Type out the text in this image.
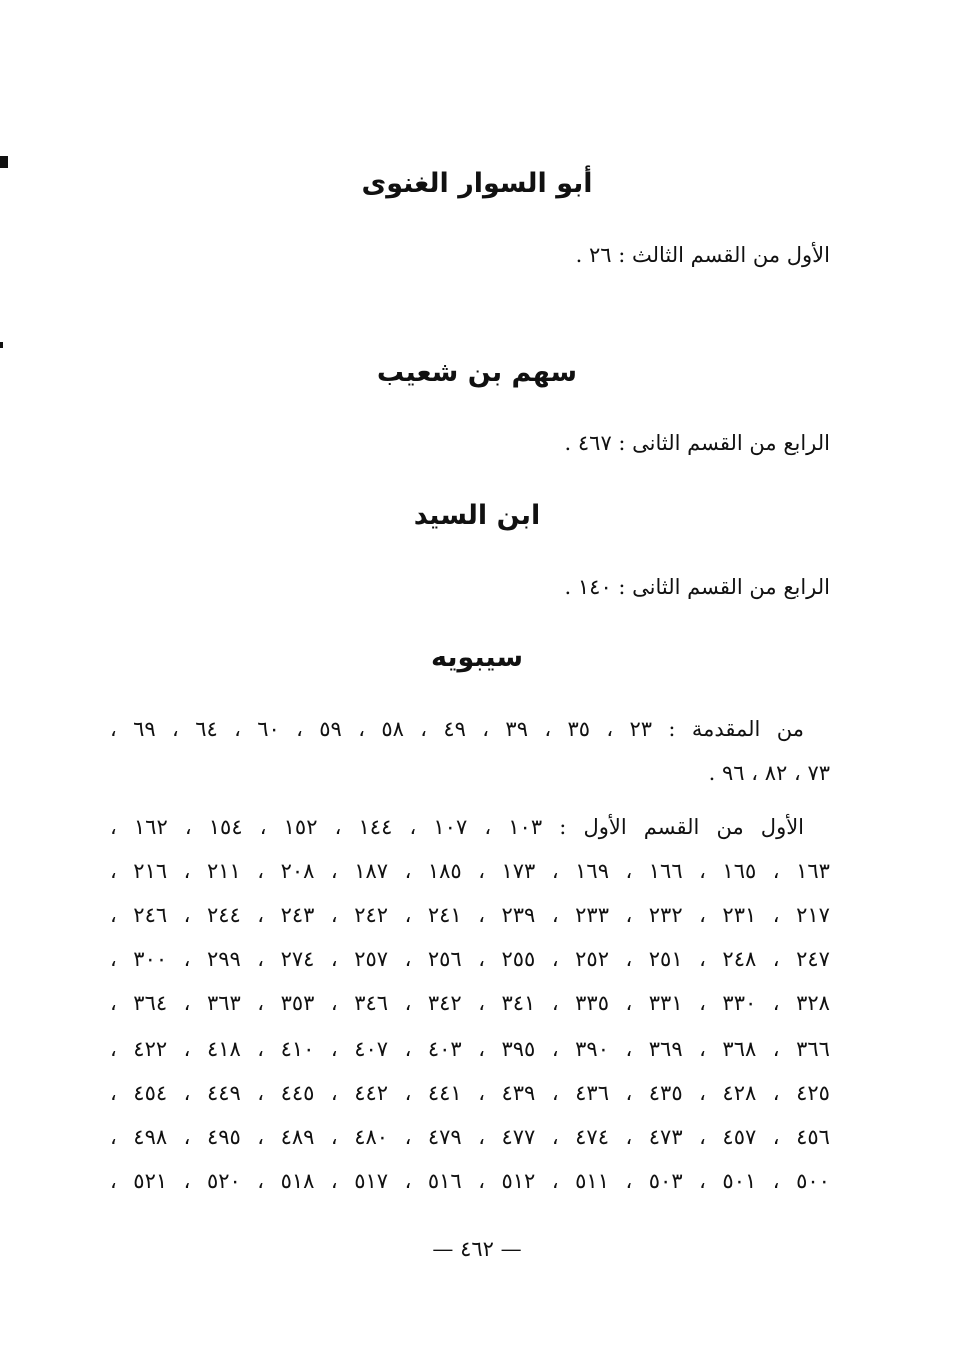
أبو السوار الغنوى
الأول من القسم الثالث : ٢٦ .
سهم بن شعيب
الرابع من القسم الثانى : ٤٦٧ .
ابن السيد
الرابع من القسم الثانى : ١٤٠ .
سيبويه
من المقدمة : ٢٣ ، ٣٥ ، ٣٩ ، ٤٩ ، ٥٨ ، ٥٩ ، ٦٠ ، ٦٤ ، ٦٩ ،
٧٣ ، ٨٢ ، ٩٦ .
الأول من القسم الأول : ١٠٣ ، ١٠٧ ، ١٤٤ ، ١٥٢ ، ١٥٤ ، ١٦٢ ،
١٦٣ ، ١٦٥ ، ١٦٦ ، ١٦٩ ، ١٧٣ ، ١٨٥ ، ١٨٧ ، ٢٠٨ ، ٢١١ ، ٢١٦ ،
٢١٧ ، ٢٣١ ، ٢٣٢ ، ٢٣٣ ، ٢٣٩ ، ٢٤١ ، ٢٤٢ ، ٢٤٣ ، ٢٤٤ ، ٢٤٦ ،
٢٤٧ ، ٢٤٨ ، ٢٥١ ، ٢٥٢ ، ٢٥٥ ، ٢٥٦ ، ٢٥٧ ، ٢٧٤ ، ٢٩٩ ، ٣٠٠ ،
٣٢٨ ، ٣٣٠ ، ٣٣١ ، ٣٣٥ ، ٣٤١ ، ٣٤٢ ، ٣٤٦ ، ٣٥٣ ، ٣٦٣ ، ٣٦٤ ،
٣٦٦ ، ٣٦٨ ، ٣٦٩ ، ٣٩٠ ، ٣٩٥ ، ٤٠٣ ، ٤٠٧ ، ٤١٠ ، ٤١٨ ، ٤٢٢ ،
٤٢٥ ، ٤٢٨ ، ٤٣٥ ، ٤٣٦ ، ٤٣٩ ، ٤٤١ ، ٤٤٢ ، ٤٤٥ ، ٤٤٩ ، ٤٥٤ ،
٤٥٦ ، ٤٥٧ ، ٤٧٣ ، ٤٧٤ ، ٤٧٧ ، ٤٧٩ ، ٤٨٠ ، ٤٨٩ ، ٤٩٥ ، ٤٩٨ ،
٥٠٠ ، ٥٠١ ، ٥٠٣ ، ٥١١ ، ٥١٢ ، ٥١٦ ، ٥١٧ ، ٥١٨ ، ٥٢٠ ، ٥٢١ ،
— ٤٦٢ —
